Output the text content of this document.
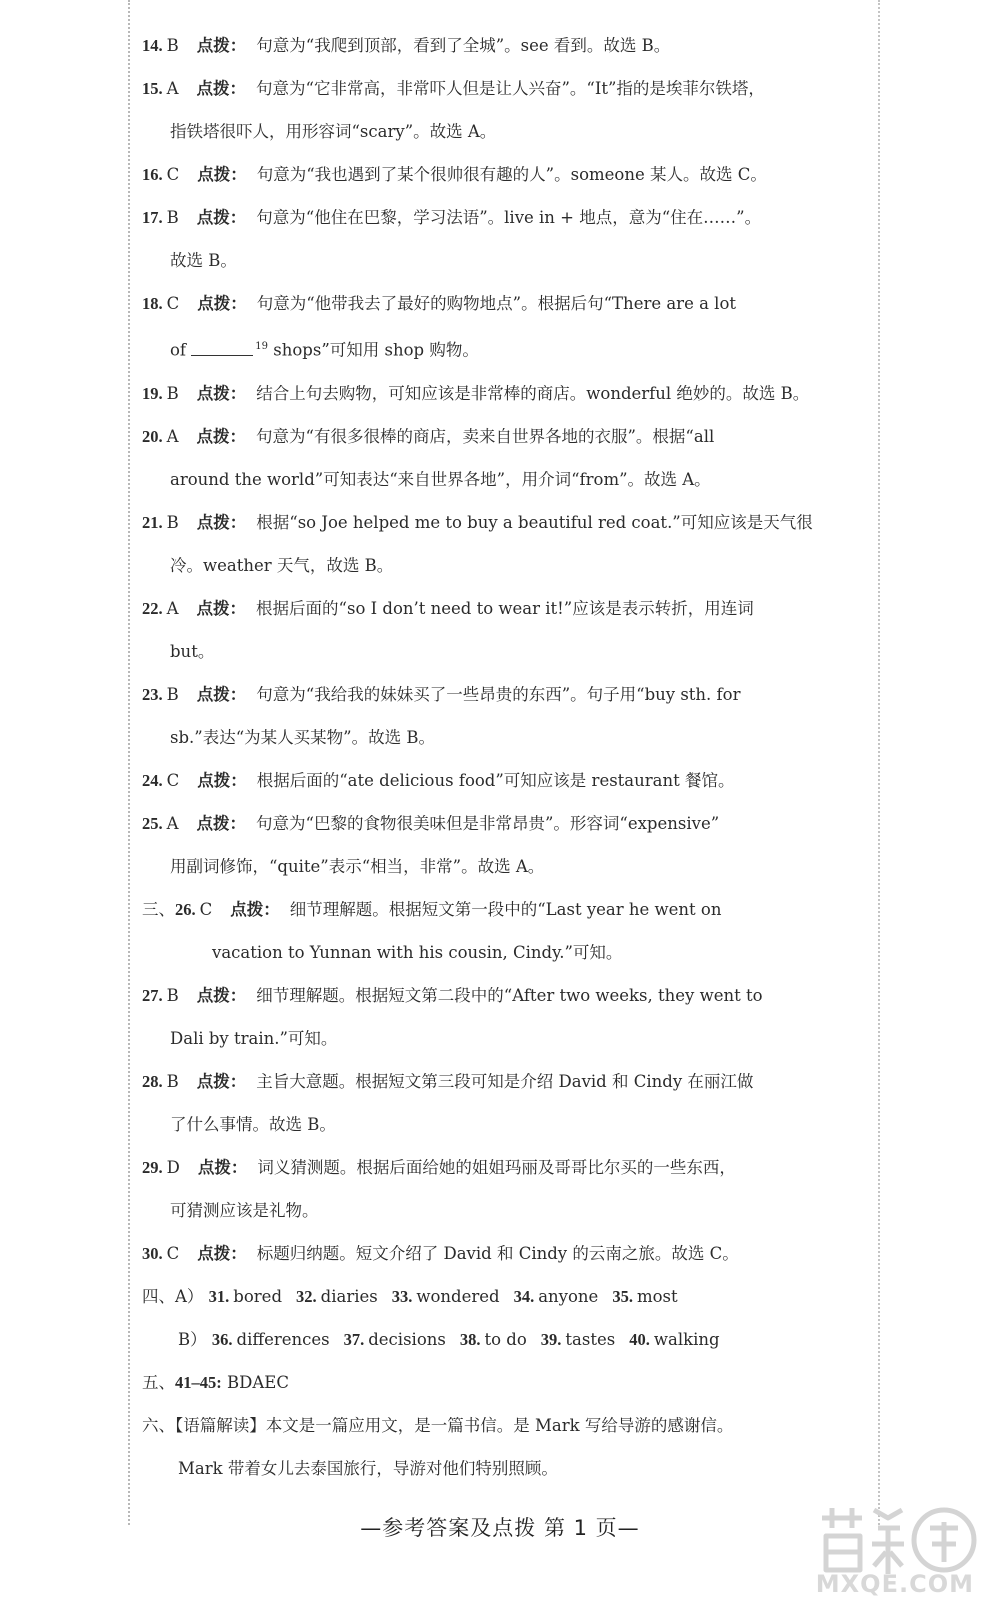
14. B 点拨： 句意为“我爬到顶部，看到了全城”。see 看到。故选 B。
15. A 点拨： 句意为“它非常高，非常吓人但是让人兴奋”。“It”指的是埃菲尔铁塔，
指铁塔很吓人，用形容词“scary”。故选 A。
16. C 点拨： 句意为“我也遇到了某个很帅很有趣的人”。someone 某人。故选 C。
17. B 点拨： 句意为“他住在巴黎，学习法语”。live in + 地点，意为“住在……”。
故选 B。
18. C 点拨： 句意为“他带我去了最好的购物地点”。根据后句“There are a lot
of	$^{19}$ shops”可知用 shop 购物。
19. B 点拨： 结合上句去购物，可知应该是非常棒的商店。wonderful 绝妙的。故选 B。
20. A 点拨： 句意为“有很多很棒的商店，卖来自世界各地的衣服”。根据“all
around the world”可知表达“来自世界各地”，用介词“from”。故选 A。
21. B 点拨： 根据“so Joe helped me to buy a beautiful red coat.”可知应该是天气很
冷。weather 天气，故选 B。
22. A 点拨： 根据后面的“so I don’t need to wear it!”应该是表示转折，用连词
but。
23. B 点拨： 句意为“我给我的妹妹买了一些昂贵的东西”。句子用“buy sth. for
sb.”表达“为某人买某物”。故选 B。
24. C 点拨： 根据后面的“ate delicious food”可知应该是 restaurant 餐馆。
25. A 点拨： 句意为“巴黎的食物很美味但是非常昂贵”。形容词“expensive”
用副词修饰，“quite”表示“相当，非常”。故选 A。
三、26. C 点拨： 细节理解题。根据短文第一段中的“Last year he went on
vacation to Yunnan with his cousin, Cindy.”可知。
27. B 点拨： 细节理解题。根据短文第二段中的“After two weeks, they went to
Dali by train.”可知。
28. B 点拨： 主旨大意题。根据短文第三段可知是介绍 David 和 Cindy 在丽江做
了什么事情。故选 B。
29. D 点拨： 词义猜测题。根据后面给她的姐姐玛丽及哥哥比尔买的一些东西，
可猜测应该是礼物。
30. C 点拨： 标题归纳题。短文介绍了 David 和 Cindy 的云南之旅。故选 C。
四、A） 31. bored 32. diaries 33. wondered 34. anyone 35. most
B） 36. differences 37. decisions 38. to do 39. tastes 40. walking
五、41–45: BDAEC
六、【语篇解读】本文是一篇应用文，是一篇书信。是 Mark 写给导游的感谢信。
Mark 带着女儿去泰国旅行，导游对他们特别照顾。
—参考答案及点拨 第 1 页—
MXQE.COM
